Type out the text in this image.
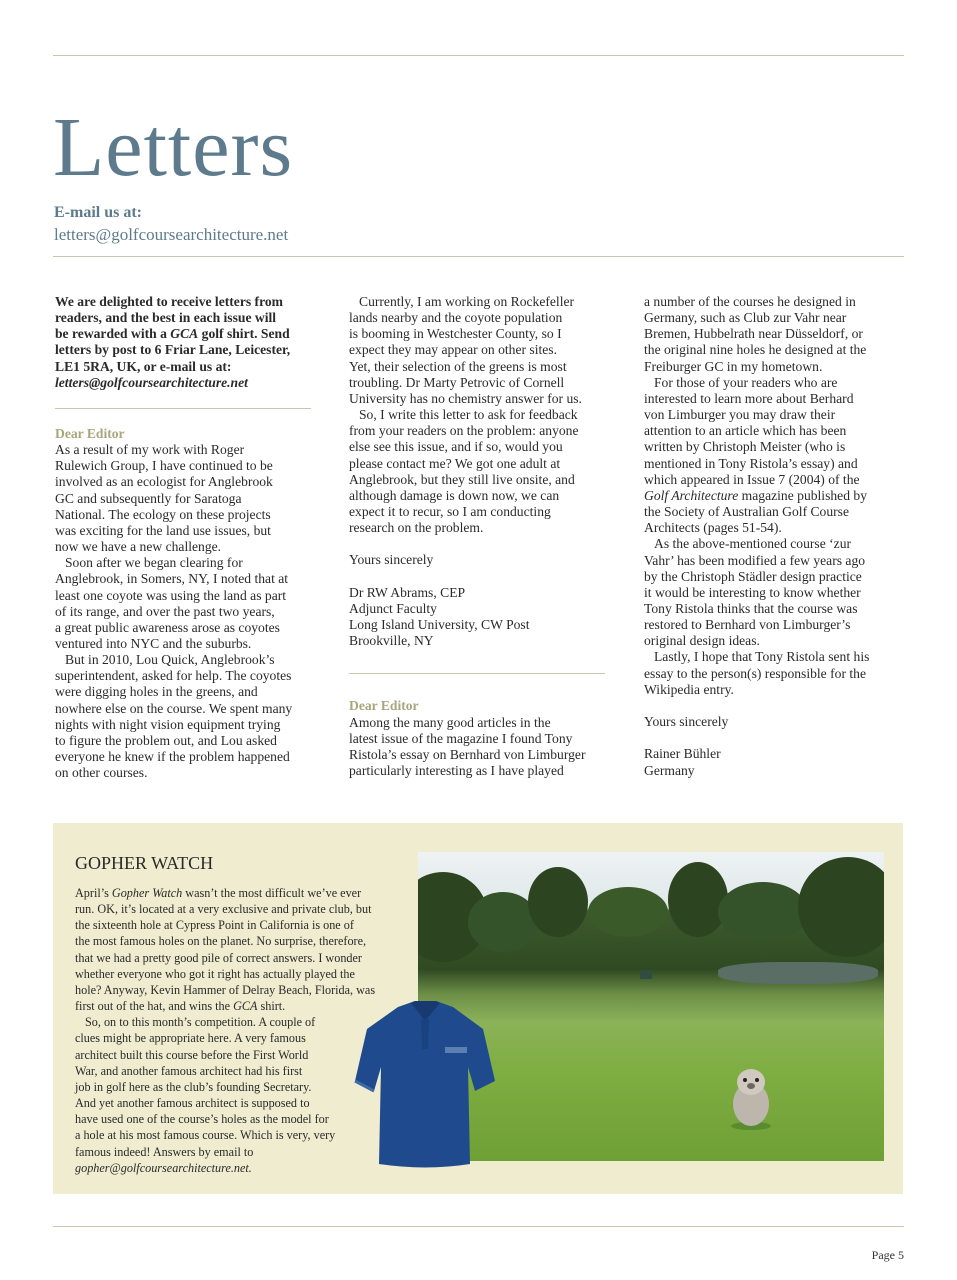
Letters
E-mail us at:
letters@golfcoursearchitecture.net
We are delighted to receive letters from
readers, and the best in each issue will
be rewarded with a GCA golf shirt. Send
letters by post to 6 Friar Lane, Leicester,
LE1 5RA, UK, or e-mail us at:
letters@golfcoursearchitecture.net
Dear Editor
As a result of my work with Roger
Rulewich Group, I have continued to be
involved as an ecologist for Anglebrook
GC and subsequently for Saratoga
National. The ecology on these projects
was exciting for the land use issues, but
now we have a new challenge.
Soon after we began clearing for
Anglebrook, in Somers, NY, I noted that at
least one coyote was using the land as part
of its range, and over the past two years,
a great public awareness arose as coyotes
ventured into NYC and the suburbs.
But in 2010, Lou Quick, Anglebrook’s
superintendent, asked for help. The coyotes
were digging holes in the greens, and
nowhere else on the course. We spent many
nights with night vision equipment trying
to figure the problem out, and Lou asked
everyone he knew if the problem happened
on other courses.
Currently, I am working on Rockefeller
lands nearby and the coyote population
is booming in Westchester County, so I
expect they may appear on other sites.
Yet, their selection of the greens is most
troubling. Dr Marty Petrovic of Cornell
University has no chemistry answer for us.
So, I write this letter to ask for feedback
from your readers on the problem: anyone
else see this issue, and if so, would you
please contact me? We got one adult at
Anglebrook, but they still live onsite, and
although damage is down now, we can
expect it to recur, so I am conducting
research on the problem.
Yours sincerely
Dr RW Abrams, CEP
Adjunct Faculty
Long Island University, CW Post
Brookville, NY
Dear Editor
Among the many good articles in the
latest issue of the magazine I found Tony
Ristola’s essay on Bernhard von Limburger
particularly interesting as I have played
a number of the courses he designed in
Germany, such as Club zur Vahr near
Bremen, Hubbelrath near Düsseldorf, or
the original nine holes he designed at the
Freiburger GC in my hometown.
For those of your readers who are
interested to learn more about Berhard
von Limburger you may draw their
attention to an article which has been
written by Christoph Meister (who is
mentioned in Tony Ristola’s essay) and
which appeared in Issue 7 (2004) of the
Golf Architecture magazine published by
the Society of Australian Golf Course
Architects (pages 51-54).
As the above-mentioned course ‘zur
Vahr’ has been modified a few years ago
by the Christoph Städler design practice
it would be interesting to know whether
Tony Ristola thinks that the course was
restored to Bernhard von Limburger’s
original design ideas.
Lastly, I hope that Tony Ristola sent his
essay to the person(s) responsible for the
Wikipedia entry.
Yours sincerely
Rainer Bühler
Germany
GOPHER WATCH
April’s Gopher Watch wasn’t the most difficult we’ve ever
run. OK, it’s located at a very exclusive and private club, but
the sixteenth hole at Cypress Point in California is one of
the most famous holes on the planet. No surprise, therefore,
that we had a pretty good pile of correct answers. I wonder
whether everyone who got it right has actually played the
hole? Anyway, Kevin Hammer of Delray Beach, Florida, was
first out of the hat, and wins the GCA shirt.
So, on to this month’s competition. A couple of
clues might be appropriate here. A very famous
architect built this course before the First World
War, and another famous architect had his first
job in golf here as the club’s founding Secretary.
And yet another famous architect is supposed to
have used one of the course’s holes as the model for
a hole at his most famous course. Which is very, very
famous indeed! Answers by email to
gopher@golfcoursearchitecture.net.
Page 5
